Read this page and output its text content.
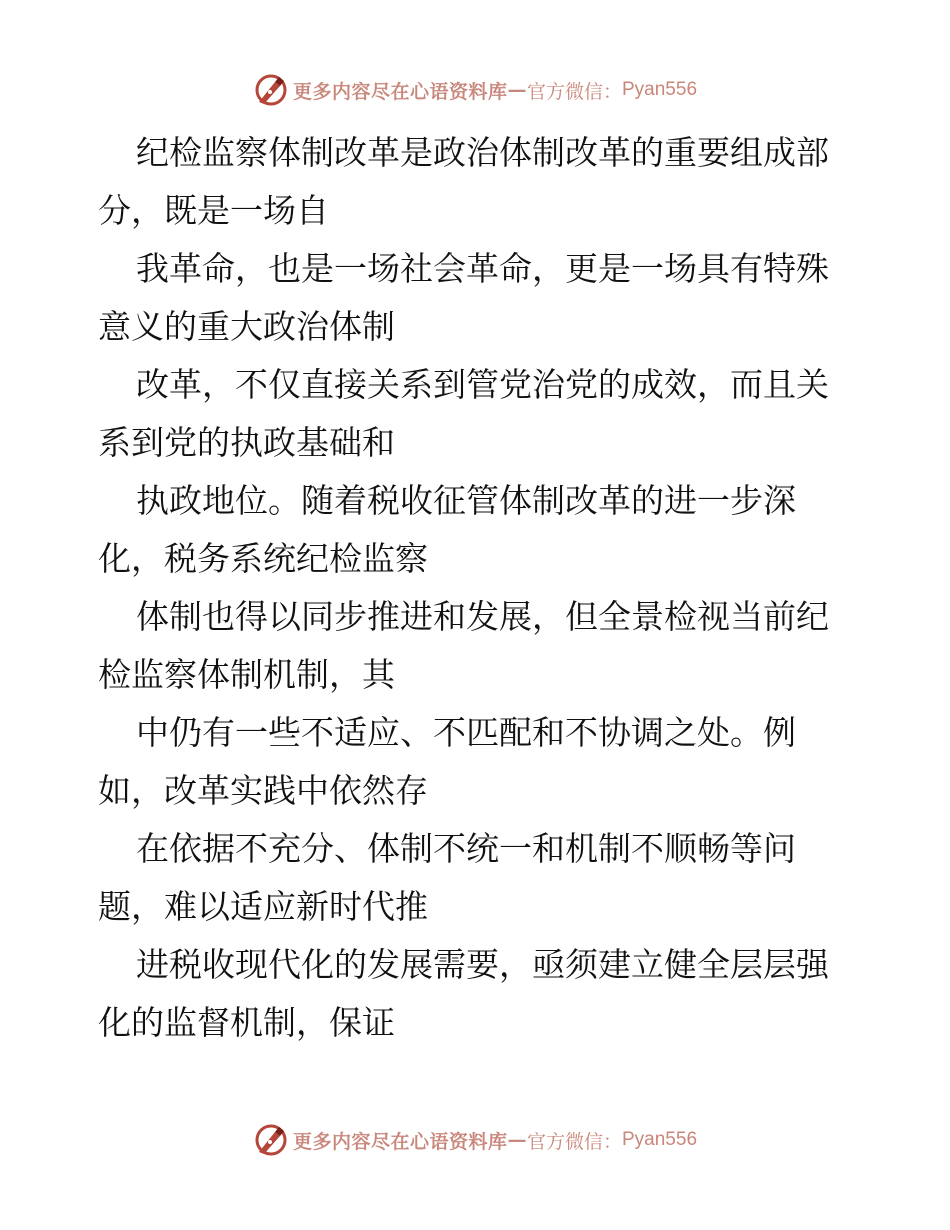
更多内容尽在心语资料库 — 官方微信： Pyan556
纪检监察体制改革是政治体制改革的重要组成部
分，既是一场自
我革命，也是一场社会革命，更是一场具有特殊
意义的重大政治体制
改革，不仅直接关系到管党治党的成效，而且关
系到党的执政基础和
执政地位。随着税收征管体制改革的进一步深
化，税务系统纪检监察
体制也得以同步推进和发展，但全景检视当前纪
检监察体制机制，其
中仍有一些不适应、不匹配和不协调之处。例
如，改革实践中依然存
在依据不充分、体制不统一和机制不顺畅等问
题，难以适应新时代推
进税收现代化的发展需要，亟须建立健全层层强
化的监督机制，保证
更多内容尽在心语资料库 — 官方微信： Pyan556
